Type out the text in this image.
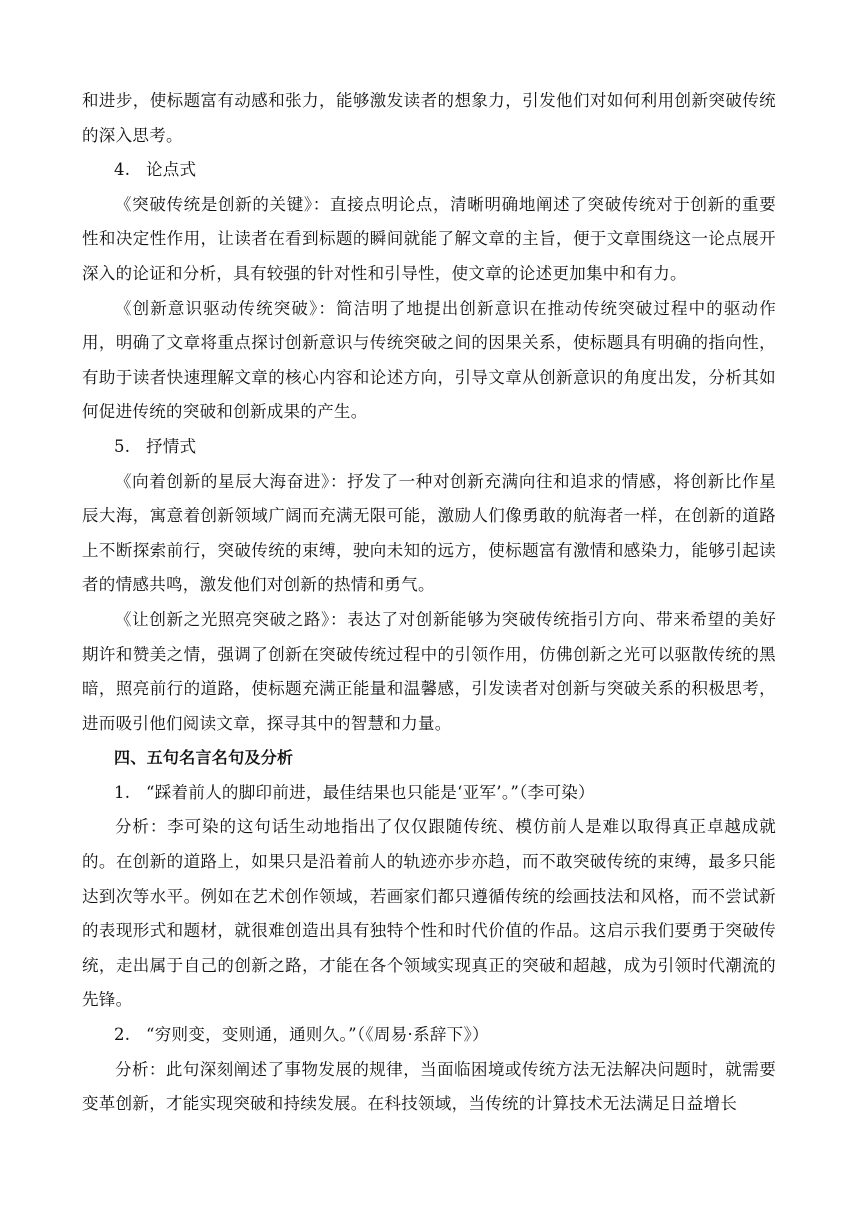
和进步，使标题富有动感和张力，能够激发读者的想象力，引发他们对如何利用创新突破传统的深入思考。

4. 论点式

《突破传统是创新的关键》：直接点明论点，清晰明确地阐述了突破传统对于创新的重要性和决定性作用，让读者在看到标题的瞬间就能了解文章的主旨，便于文章围绕这一论点展开深入的论证和分析，具有较强的针对性和引导性，使文章的论述更加集中和有力。

《创新意识驱动传统突破》：简洁明了地提出创新意识在推动传统突破过程中的驱动作用，明确了文章将重点探讨创新意识与传统突破之间的因果关系，使标题具有明确的指向性，有助于读者快速理解文章的核心内容和论述方向，引导文章从创新意识的角度出发，分析其如何促进传统的突破和创新成果的产生。

5. 抒情式

《向着创新的星辰大海奋进》：抒发了一种对创新充满向往和追求的情感，将创新比作星辰大海，寓意着创新领域广阔而充满无限可能，激励人们像勇敢的航海者一样，在创新的道路上不断探索前行，突破传统的束缚，驶向未知的远方，使标题富有激情和感染力，能够引起读者的情感共鸣，激发他们对创新的热情和勇气。

《让创新之光照亮突破之路》：表达了对创新能够为突破传统指引方向、带来希望的美好期许和赞美之情，强调了创新在突破传统过程中的引领作用，仿佛创新之光可以驱散传统的黑暗，照亮前行的道路，使标题充满正能量和温馨感，引发读者对创新与突破关系的积极思考，进而吸引他们阅读文章，探寻其中的智慧和力量。

四、五句名言名句及分析

1. “踩着前人的脚印前进，最佳结果也只能是‘亚军’。”（李可染）

分析：李可染的这句话生动地指出了仅仅跟随传统、模仿前人是难以取得真正卓越成就的。在创新的道路上，如果只是沿着前人的轨迹亦步亦趋，而不敢突破传统的束缚，最多只能达到次等水平。例如在艺术创作领域，若画家们都只遵循传统的绘画技法和风格，而不尝试新的表现形式和题材，就很难创造出具有独特个性和时代价值的作品。这启示我们要勇于突破传统，走出属于自己的创新之路，才能在各个领域实现真正的突破和超越，成为引领时代潮流的先锋。

2. “穷则变，变则通，通则久。”（《周易·系辞下》）

分析：此句深刻阐述了事物发展的规律，当面临困境或传统方法无法解决问题时，就需要变革创新，才能实现突破和持续发展。在科技领域，当传统的计算技术无法满足日益增长
